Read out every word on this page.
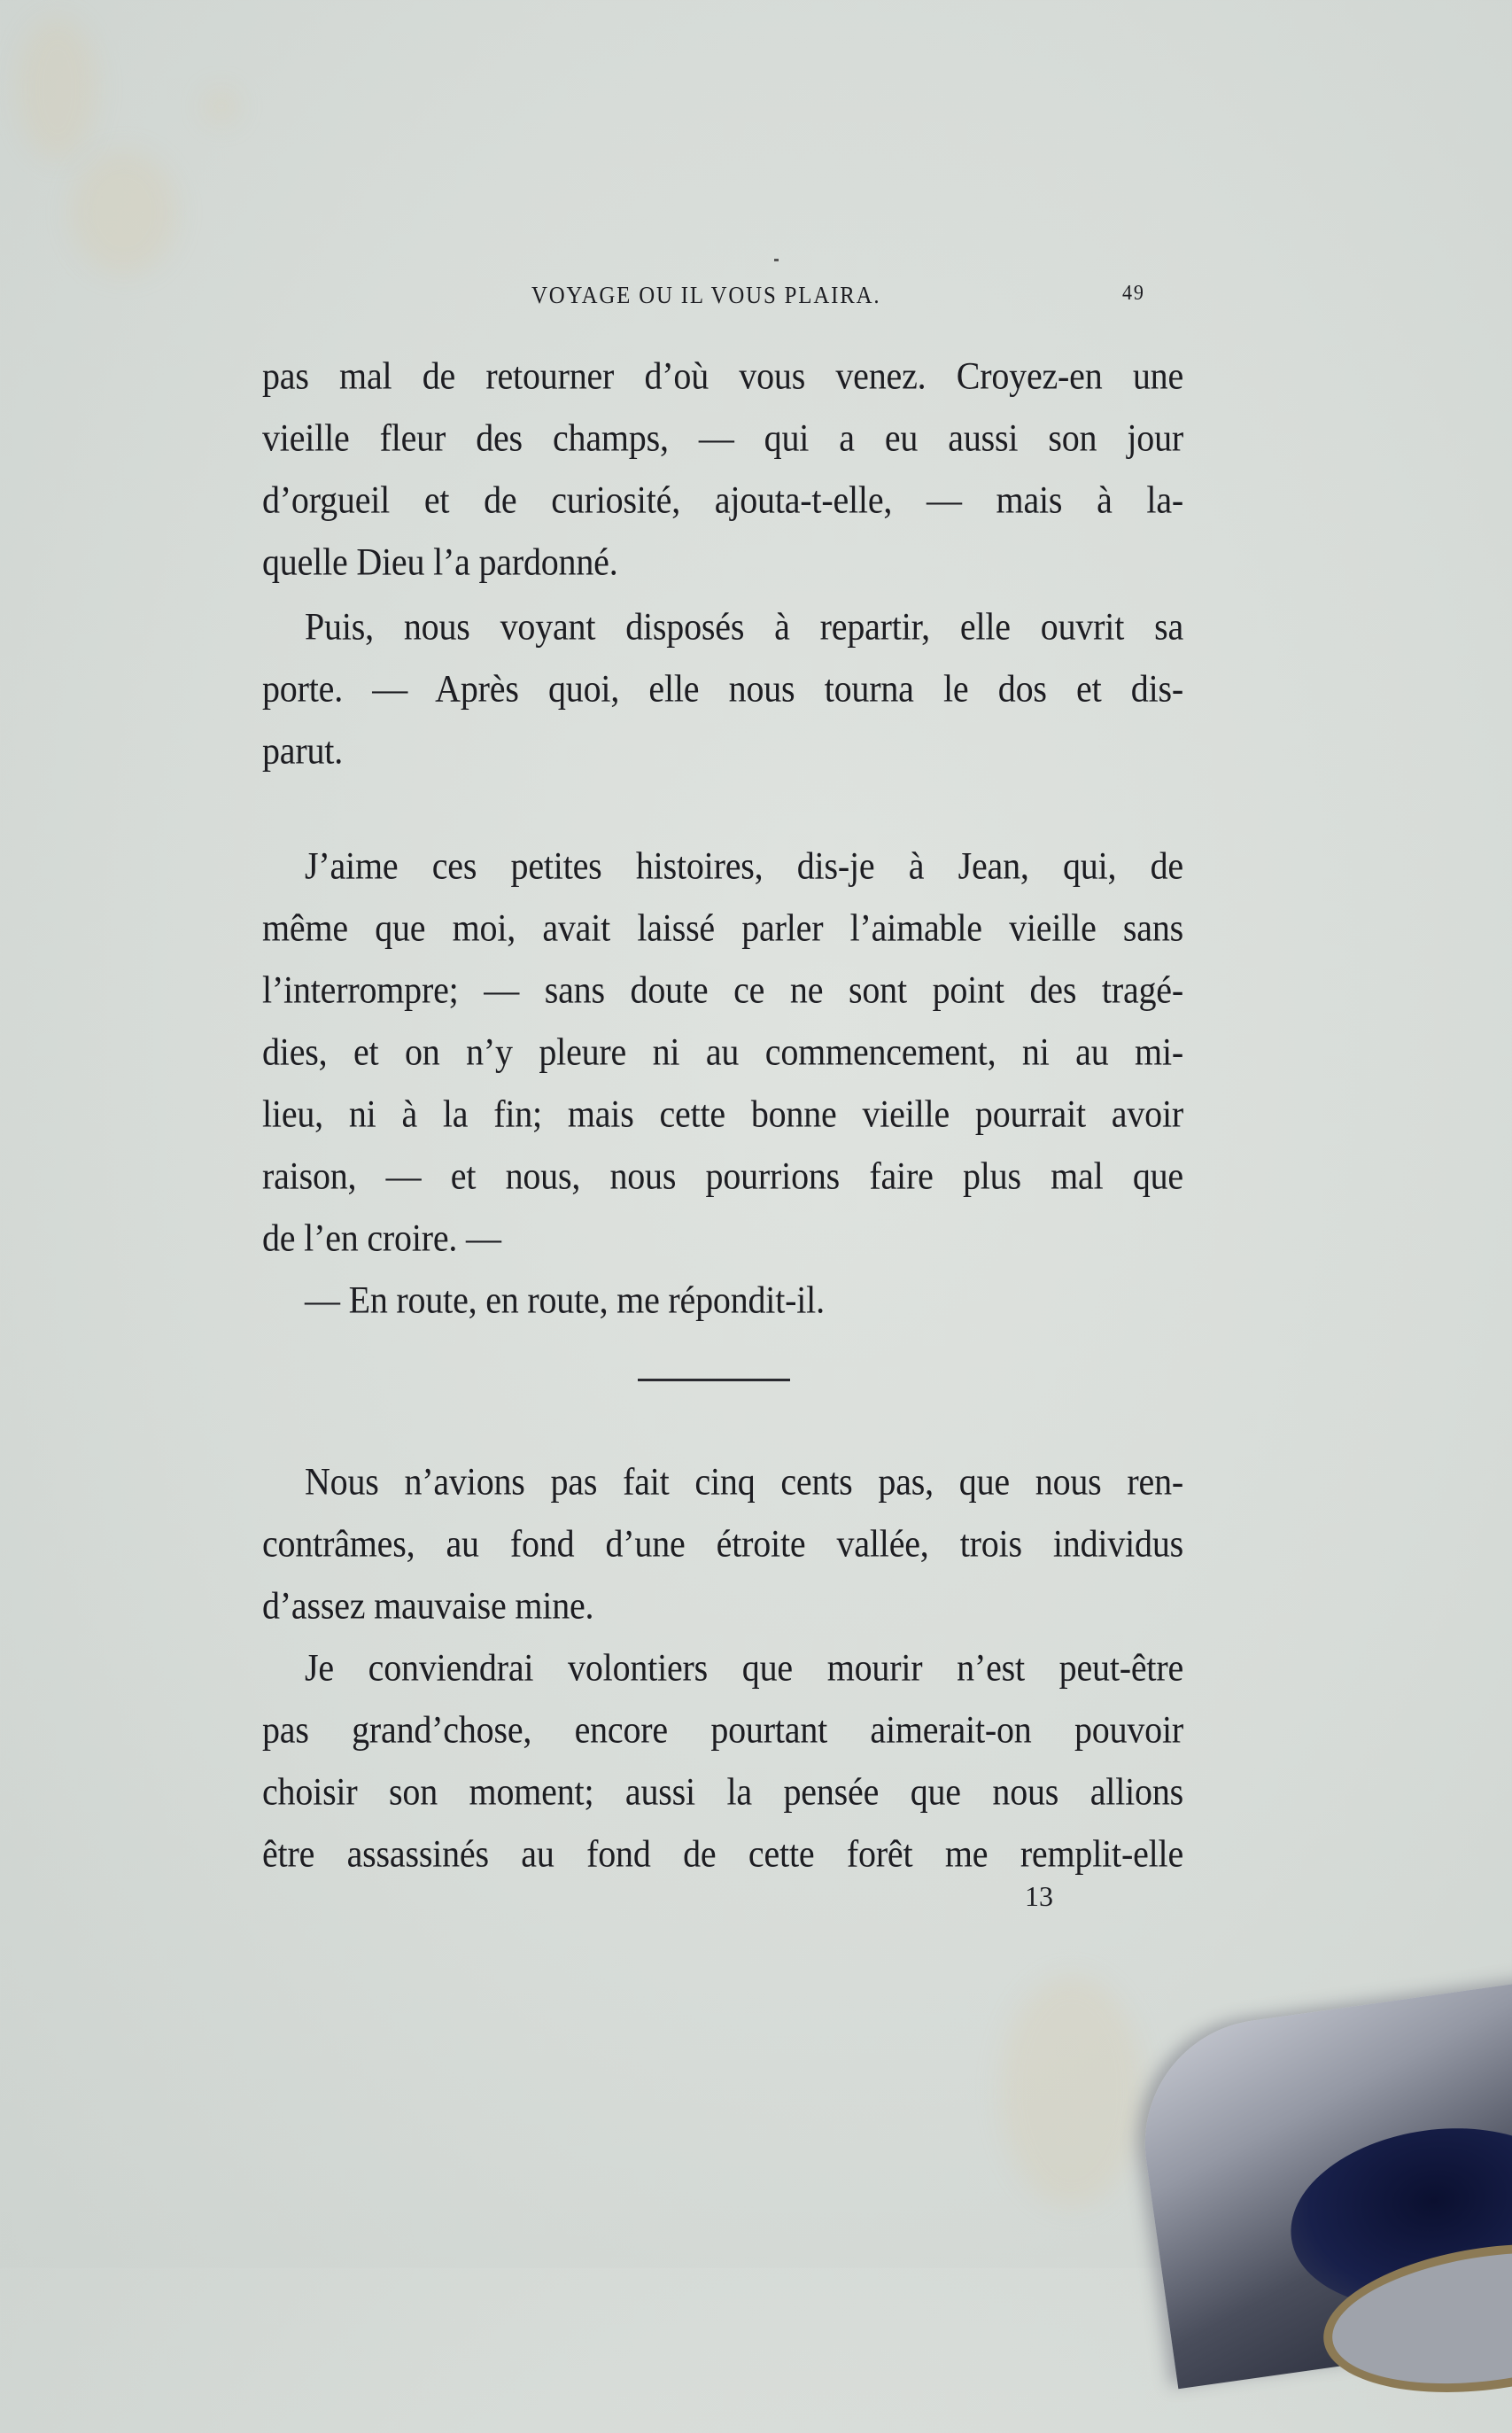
VOYAGE OU IL VOUS PLAIRA.	49
pas mal de retourner d’où vous venez. Croyez-en une
vieille fleur des champs, — qui a eu aussi son jour
d’orgueil et de curiosité, ajouta-t-elle, — mais à la-
quelle Dieu l’a pardonné.
Puis, nous voyant disposés à repartir, elle ouvrit sa
porte. — Après quoi, elle nous tourna le dos et dis-
parut.
J’aime ces petites histoires, dis-je à Jean, qui, de
même que moi, avait laissé parler l’aimable vieille sans
l’interrompre; — sans doute ce ne sont point des tragé-
dies, et on n’y pleure ni au commencement, ni au mi-
lieu, ni à la fin; mais cette bonne vieille pourrait avoir
raison, — et nous, nous pourrions faire plus mal que
de l’en croire. —
— En route, en route, me répondit-il.
Nous n’avions pas fait cinq cents pas, que nous ren-
contrâmes, au fond d’une étroite vallée, trois individus
d’assez mauvaise mine.
Je conviendrai volontiers que mourir n’est peut-être
pas grand’chose, encore pourtant aimerait-on pouvoir
choisir son moment; aussi la pensée que nous allions
être assassinés au fond de cette forêt me remplit-elle
13
